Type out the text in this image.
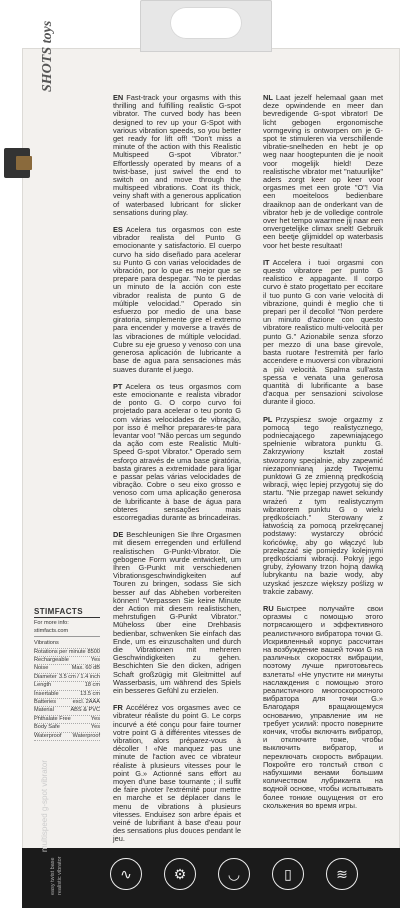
SHOTS toys

EN Fast-track your orgasms with this thrilling and fulfilling realistic G-spot vibrator. The curved body has been designed to rev up your G-Spot with various vibration speeds, so you better get ready for lift off! "Don't miss a minute of the action with this Realistic Multispeed G-spot Vibrator." Effortlessly operated by means of a twist-base, just swivel the end to switch on and move through the multispeed vibrations. Coat its thick, veiny shaft with a generous application of waterbased lubricant for slicker sensations during play.

ES Acelera tus orgasmos con este vibrador realista del Punto G emocionante y satisfactorio. El cuerpo curvo ha sido diseñado para acelerar su Punto G con varias velocidades de vibración, por lo que es mejor que se prepare para despegar. "No te pierdas un minuto de la acción con este vibrador realista de punto G de múltiple velocidad." Operado sin esfuerzo por medio de una base giratoria, simplemente gire el extremo para encender y moverse a través de las vibraciones de múltiple velocidad. Cubre su eje grueso y venoso con una generosa aplicación de lubricante a base de agua para sensaciones más suaves durante el juego.

PT Acelera os teus orgasmos com este emocionante e realista vibrador de ponto G. O corpo curvo foi projetado para acelerar o teu ponto G com várias velocidades de vibração, por isso é melhor preparares-te para levantar voo! "Não percas um segundo da ação com este Realistic Multi-Speed G-spot Vibrator." Operado sem esforço através de uma base giratória, basta girares a extremidade para ligar e passar pelas várias velocidades de vibração. Cobre o seu eixo grosso e venoso com uma aplicação generosa de lubrificante à base de água para obteres sensações mais escorregadias durante as brincadeiras.

DE Beschleunigen Sie Ihre Orgasmen mit diesem erregenden und erfüllend realistischen G-Punkt-Vibrator. Die gebogene Form wurde entwickelt, um Ihren G-Punkt mit verschiedenen Vibrationsgeschwindigkeiten auf Touren zu bringen, sodass Sie sich besser auf das Abheben vorbereiten können! "Verpassen Sie keine Minute der Action mit diesem realistischen, mehrstufigen G-Punkt Vibrator." Müheloss über eine Drehbasis bedienbar, schwenken Sie einfach das Ende, um es einzuschalten und durch die Vibrationen mit mehreren Geschwindigkeiten zu gehen. Beschichten Sie den dicken, adrigen Schaft großzügig mit Gleitmittel auf Wasserbasis, um während des Spiels ein besseres Gefühl zu erzielen.

FR Accélérez vos orgasmes avec ce vibrateur réaliste du point G. Le corps incurvé a été conçu pour faire tourner votre point G à différentes vitesses de vibration, alors préparez-vous à décoller ! «Ne manquez pas une minute de l'action avec ce vibrateur réaliste à plusieurs vitesses pour le point G.» Actionné sans effort au moyen d'une base tournante ; il suffit de faire pivoter l'extrémité pour mettre en marche et se déplacer dans le menu de vibrations à plusieurs vitesses. Enduisez son arbre épais et veiné de lubrifiant à base d'eau pour des sensations plus douces pendant le jeu.

NL Laat jezelf helemaal gaan met deze opwindende en meer dan bevredigende G-spot vibrator! De licht gebogen ergonomische vormgeving is ontworpen om je G-spot te stimuleren via verschillende vibratie-snelheden en hebt je op weg naar hoogtepunten die je nooit voor mogelijk hield! Deze realistische vibrator met "natuurlijke" aders zorgt keer op keer voor orgasmes met een grote "O"! Via een moeiteloos bedienbare draaiknop aan de onderkant van de vibrator heb je de volledige controle over het tempo waarmee jij naar een onvergetelijke climax snelt! Gebruik een beetje glijmiddel op waterbasis voor het beste resultaat!

IT Accelera i tuoi orgasmi con questo vibratore per punto G realistico e appagante. Il corpo curvo è stato progettato per eccitare il tuo punto G con varie velocità di vibrazione, quindi è meglio che ti prepari per il decollo! "Non perdere un minuto d'azione con questo vibratore realistico multi-velocità per punto G." Azionabile senza sforzo per mezzo di una base girevole, basta ruotare l'estremità per farlo accendere e muoversi con vibrazioni a più velocità. Spalma sull'asta spessa e venata una generosa quantità di lubrificante a base d'acqua per sensazioni scivolose durante il gioco.

PL Przyspiesz swoje orgazmy z pomocą tego realistycznego, podniecającego zapewniającego spełnienie wibratora punktu G. Zakrzywiony kształt został stworzony specjalnie, aby zapewnić niezapomnianą jazdę Twojemu punktowi G ze zmienną prędkością wibracji, więc lepiej przygotuj się do startu. "Nie przegap nawet sekundy wrażeń z tym realistycznym wibratorem punktu G o wielu prędkościach." Sterowany z łatwością za pomocą przekręcanej podstawy: wystarczy obrócić końcówkę, aby go włączyć lub przełączać się pomiędzy kolejnymi prędkościami wibracji. Pokryj jego gruby, żyłowany trzon hojną dawką lubrykantu na bazie wody, aby uzyskać jeszcze większy poślizg w trakcie zabawy.

RU Быстрее получайте свои оргазмы с помощью этого потрясающего и эффективного реалистичного вибратора точки G. Искривленный корпус рассчитан на возбуждение вашей точки G на различных скоростях вибрации, поэтому лучше приготовьтесь взлетать! «Не упустите ни минуты наслаждения с помощью этого реалистичного многоскоростного вибратора для точки G.» Благодаря вращающемуся основанию, управление им не требует усилий: просто поверните кончик, чтобы включить вибратор, и отключите тоже, чтобы выключить вибратор, и переключать скорость вибрации. Покройте его толстый ствол с набухшими венами большим количеством лубриканта на водной основе, чтобы испытывать более тонкие ощущения от его скольжения во время игры.

STIMFACTS
For more info: stimfacts.com
Vibrations
Rotations per minute 8500
Rechargeable	Yes
Noise	Max. 60 dB
Diameter 3.5 cm / 1.4 inch
Length	18 cm
Insertable	13.5 cm
Batteries	excl. 2AAA
Material	ABS & PVC
Phthalate Free	Yes
Body Safe	Yes
Waterproof Waterproof
multispeed g-spot vibrator
easy twist base realistic vibrator	∿	⚙	◡	▯	≋
